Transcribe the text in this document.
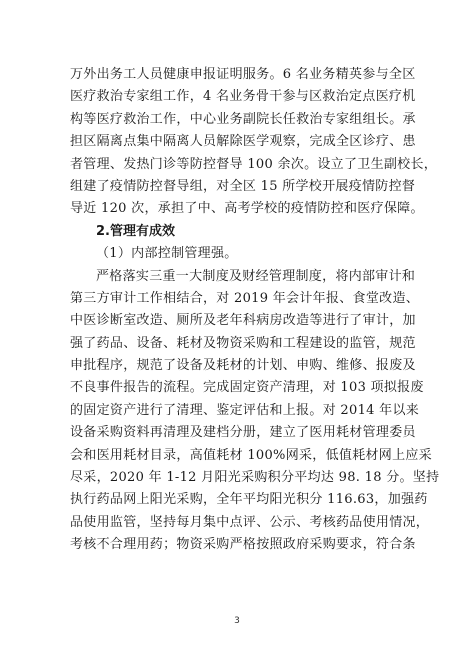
万外出务工人员健康申报证明服务。6 名业务精英参与全区
医疗救治专家组工作，4 名业务骨干参与区救治定点医疗机
构等医疗救治工作，中心业务副院长任救治专家组组长。承
担区隔离点集中隔离人员解除医学观察，完成全区诊疗、患
者管理、发热门诊等防控督导 100 余次。设立了卫生副校长，
组建了疫情防控督导组，对全区 15 所学校开展疫情防控督
导近 120 次，承担了中、高考学校的疫情防控和医疗保障。
2.管理有成效
（1）内部控制管理强。
严格落实三重一大制度及财经管理制度，将内部审计和
第三方审计工作相结合，对 2019 年会计年报、食堂改造、
中医诊断室改造、厕所及老年科病房改造等进行了审计，加
强了药品、设备、耗材及物资采购和工程建设的监管，规范
申批程序，规范了设备及耗材的计划、申购、维修、报废及
不良事件报告的流程。完成固定资产清理，对 103 项拟报废
的固定资产进行了清理、鉴定评估和上报。对 2014 年以来
设备采购资料再清理及建档分册，建立了医用耗材管理委员
会和医用耗材目录，高值耗材 100%网采，低值耗材网上应采
尽采，2020 年 1-12 月阳光采购积分平均达 98. 18 分。坚持
执行药品网上阳光采购，全年平均阳光积分 116.63，加强药
品使用监管，坚持每月集中点评、公示、考核药品使用情况，
考核不合理用药；物资采购严格按照政府采购要求，符合条
3
